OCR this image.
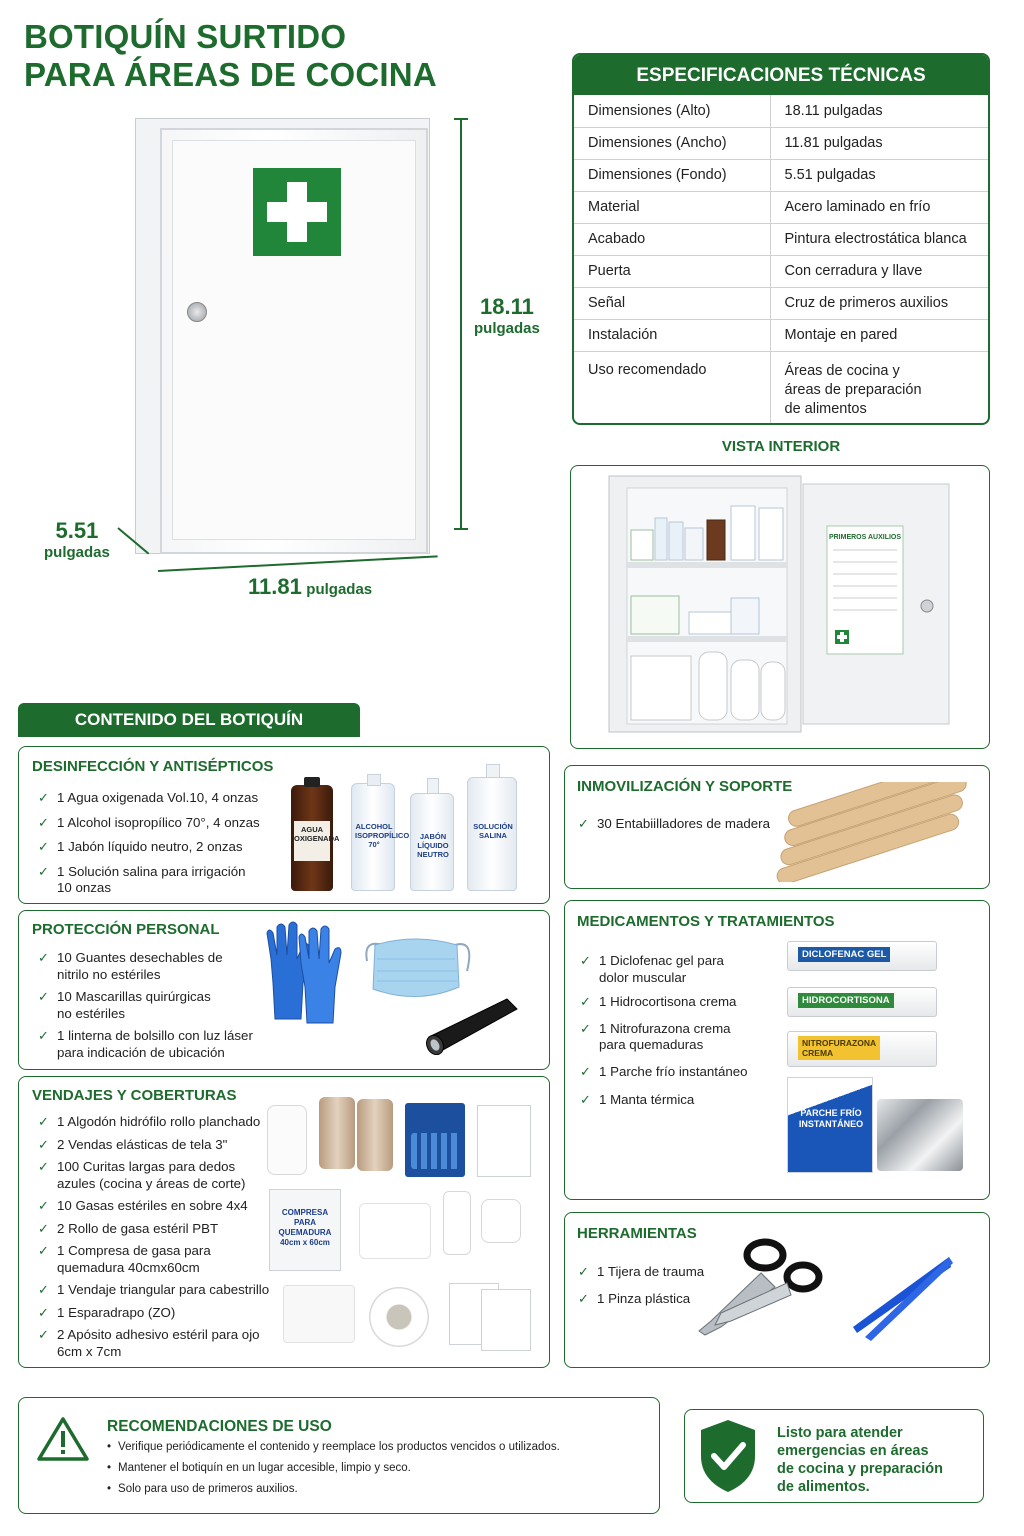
BOTIQUÍN SURTIDO
PARA ÁREAS DE COCINA
18.11
pulgadas
11.81 pulgadas
5.51
pulgadas
ESPECIFICACIONES TÉCNICAS
Dimensiones (Alto)	18.11 pulgadas
Dimensiones (Ancho)	11.81 pulgadas
Dimensiones (Fondo)	5.51 pulgadas
Material	Acero laminado en frío
Acabado	Pintura electrostática blanca
Puerta	Con cerradura y llave
Señal	Cruz de primeros auxilios
Instalación	Montaje en pared
Uso recomendado	Áreas de cocina y
áreas de preparación
de alimentos
VISTA INTERIOR
PRIMEROS AUXILIOS
CONTENIDO DEL BOTIQUÍN
DESINFECCIÓN Y ANTISÉPTICOS
✓ 1 Agua oxigenada Vol.10, 4 onzas
✓ 1 Alcohol isopropílico 70°, 4 onzas
✓ 1 Jabón líquido neutro, 2 onzas
✓ 1 Solución salina para irrigación
10 onzas
AGUA
OXIGENADA
ALCOHOL
ISOPROPÍLICO
70°
JABÓN LÍQUIDO
NEUTRO
SOLUCIÓN
SALINA
PROTECCIÓN PERSONAL
✓ 10 Guantes desechables de
nitrilo no estériles
✓ 10 Mascarillas quirúrgicas
no estériles
✓ 1 linterna de bolsillo con luz láser
para indicación de ubicación
VENDAJES Y COBERTURAS
✓ 1 Algodón hidrófilo rollo planchado
✓ 2 Vendas elásticas de tela 3"
✓ 100 Curitas largas para dedos
azules (cocina y áreas de corte)
✓ 10 Gasas estériles en sobre 4x4
✓ 2 Rollo de gasa estéril PBT
✓ 1 Compresa de gasa para
quemadura 40cmx60cm
✓ 1 Vendaje triangular para cabestrillo
✓ 1 Esparadrapo (ZO)
✓ 2 Apósito adhesivo estéril para ojo
6cm x 7cm
COMPRESA PARA
QUEMADURA
40cm x 60cm
INMOVILIZACIÓN Y SOPORTE
✓ 30 Entabiilladores de madera
MEDICAMENTOS Y TRATAMIENTOS
✓ 1 Diclofenac gel para
dolor muscular
✓ 1 Hidrocortisona crema
✓ 1 Nitrofurazona crema
para quemaduras
✓ 1 Parche frío instantáneo
✓ 1 Manta térmica
DICLOFENAC GEL
HIDROCORTISONA
NITROFURAZONA
CREMA
PARCHE FRÍO
INSTANTÁNEO
HERRAMIENTAS
✓ 1 Tijera de trauma
✓ 1 Pinza plástica
RECOMENDACIONES DE USO
• Verifique periódicamente el contenido y reemplace los productos vencidos o utilizados.
• Mantener el botiquín en un lugar accesible, limpio y seco.
• Solo para uso de primeros auxilios.
Listo para atender
emergencias en áreas
de cocina y preparación
de alimentos.
